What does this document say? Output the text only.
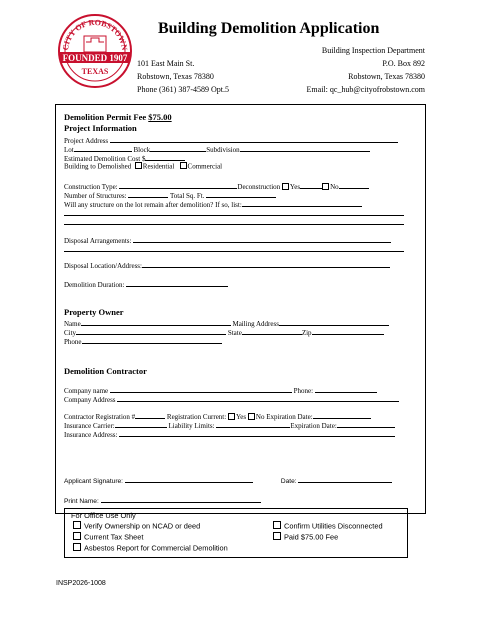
CITY OF ROBSTOWN
FOUNDED 1907
TEXAS
Building Demolition Application
101 East Main St.
Robstown, Texas 78380
Phone (361) 387-4589 Opt.5
Building Inspection Department
P.O. Box 892
Robstown, Texas 78380
Email: qc_hub@cityofrobstown.com
Demolition Permit Fee $75.00
Project Information
Project Address
Lot	Block	Subdivision
Estimated Demolition Cost $
Building to Demolished Residential Commercial
Construction Type:	Deconstruction Yes	No
Number of Structures:	Total Sq. Ft.
Will any structure on the lot remain after demolition? If so, list:
Disposal Arrangements:
Disposal Location/Address:
Demolition Duration:
Property Owner
Name	Mailing Address
City	State	Zip
Phone
Demolition Contractor
Company name	Phone:
Company Address
Contractor Registration #	Registration Current: Yes No Expiration Date:
Insurance Carrier:	Liability Limits:	Expiration Date:
Insurance Address:
Applicant Signature:	Date:
Print Name:
For Office Use Only
Verify Ownership on NCAD or deed	Confirm Utilities Disconnected
Current Tax Sheet	Paid $75.00 Fee
Asbestos Report for Commercial Demolition
INSP2026-1008
